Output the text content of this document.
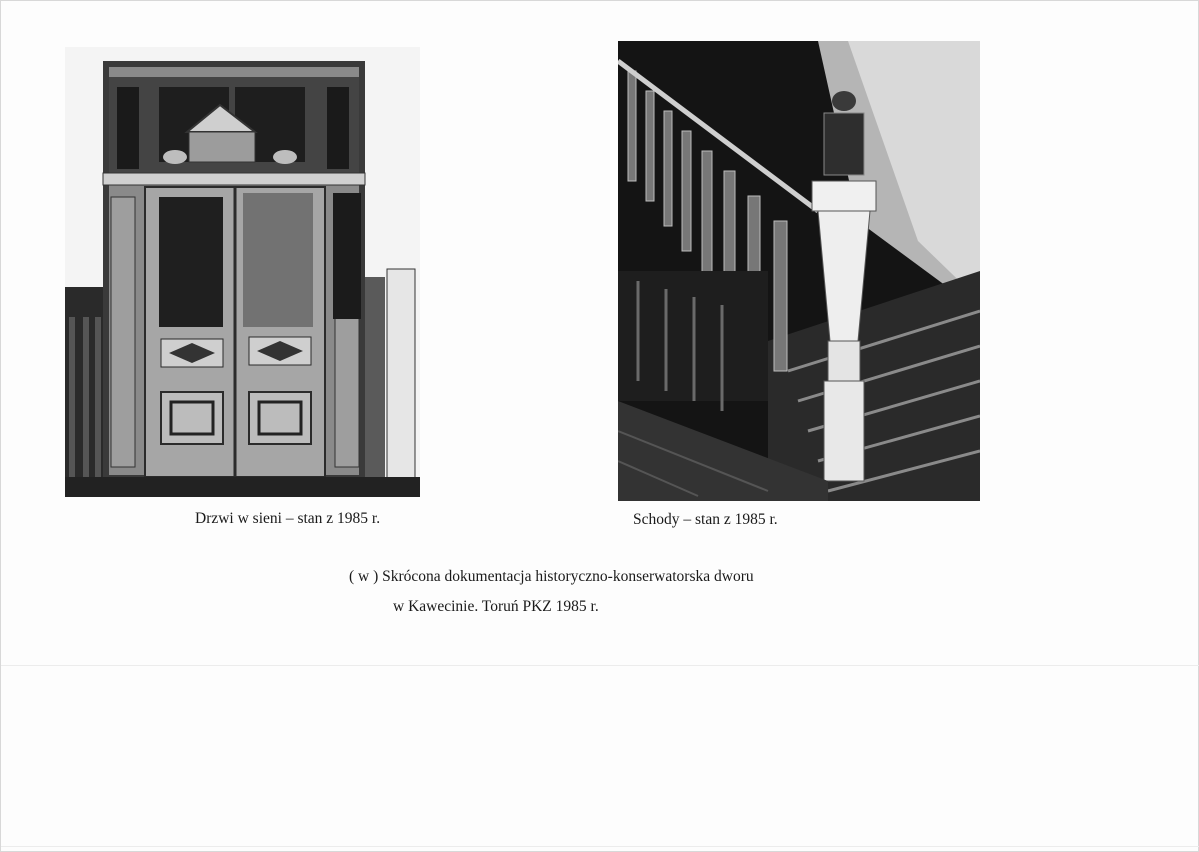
Drzwi w sieni – stan z 1985 r.	Schody – stan z 1985 r.
( w ) Skrócona dokumentacja historyczno-konserwatorska dworu
w Kawecinie. Toruń PKZ 1985 r.
